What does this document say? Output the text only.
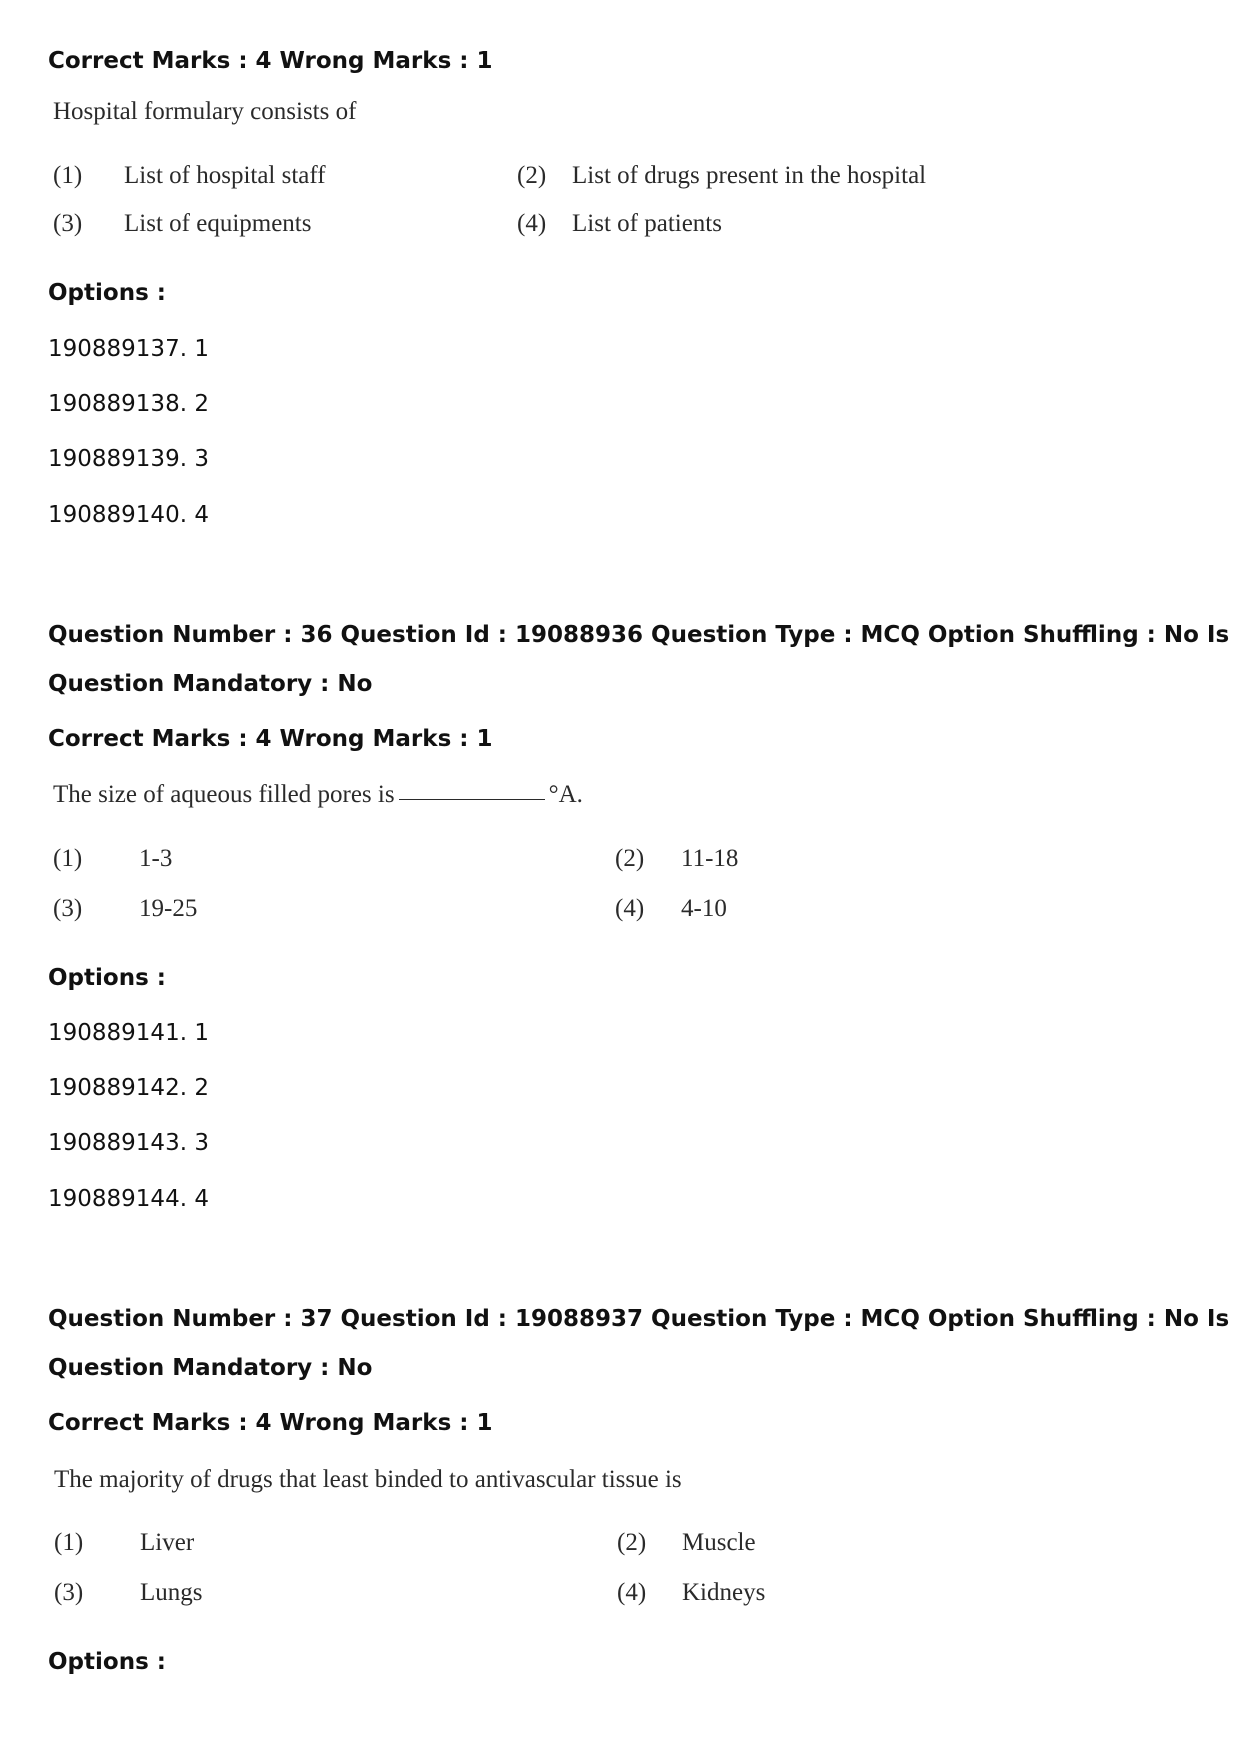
Correct Marks : 4 Wrong Marks : 1

Hospital formulary consists of

(1) List of hospital staff	(2) List of drugs present in the hospital
(3) List of equipments	(4) List of patients

Options :

190889137. 1

190889138. 2

190889139. 3

190889140. 4

Question Number : 36 Question Id : 19088936 Question Type : MCQ Option Shuffling : No Is

Question Mandatory : No

Correct Marks : 4 Wrong Marks : 1

The size of aqueous filled pores is	°A.

(1) 1-3	(2) 11-18
(3) 19-25	(4) 4-10

Options :

190889141. 1

190889142. 2

190889143. 3

190889144. 4

Question Number : 37 Question Id : 19088937 Question Type : MCQ Option Shuffling : No Is

Question Mandatory : No

Correct Marks : 4 Wrong Marks : 1

The majority of drugs that least binded to antivascular tissue is

(1) Liver	(2) Muscle
(3) Lungs	(4) Kidneys

Options :
